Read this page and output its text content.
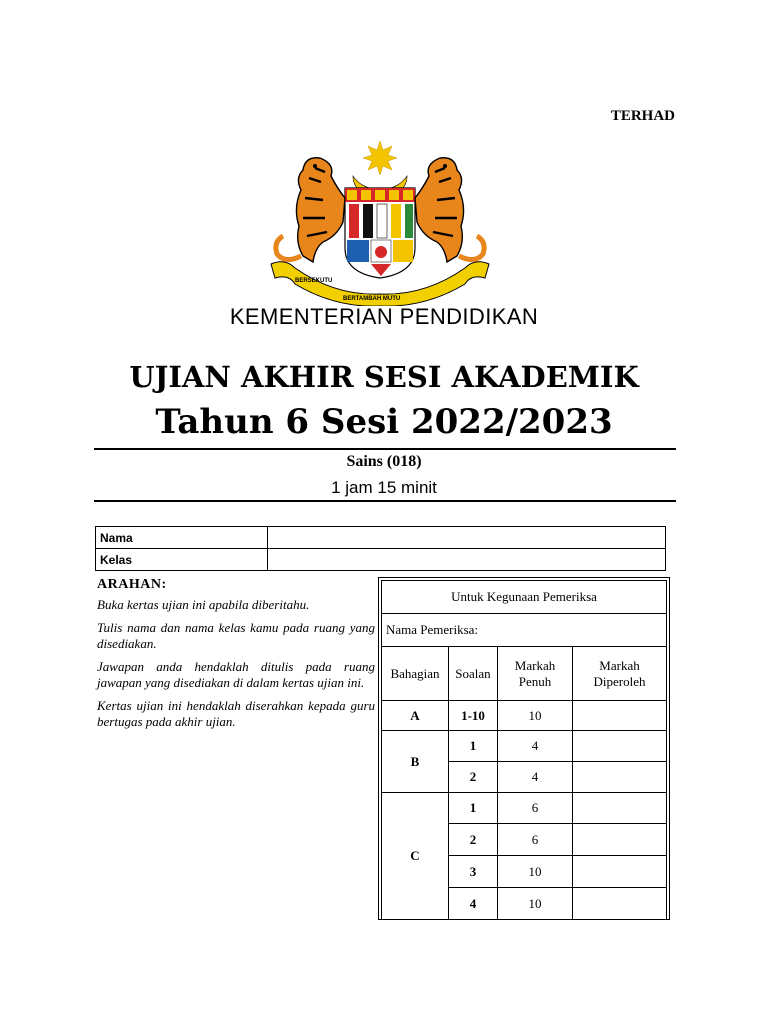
TERHAD
BERSEKUTU
BERTAMBAH MUTU
KEMENTERIAN PENDIDIKAN

UJIAN AKHIR SESI AKADEMIK
Tahun 6 Sesi 2022/2023
Sains (018)
1 jam 15 minit
Nama	
Kelas	
ARAHAN:

Buka kertas ujian ini apabila diberitahu.

Tulis nama dan nama kelas kamu pada ruang yang disediakan.

Jawapan anda hendaklah ditulis pada ruang jawapan yang disediakan di dalam kertas ujian ini.

Kertas ujian ini hendaklah diserahkan kepada guru bertugas pada akhir ujian.

Untuk Kegunaan Pemeriksa			
Nama Pemeriksa:			
Bahagian	Soalan	Markah Penuh	Markah Diperoleh
A	1-10	10	
B	1	4	
	2	4	
C	1	6	
	2	6	
	3	10	
	4	10	
